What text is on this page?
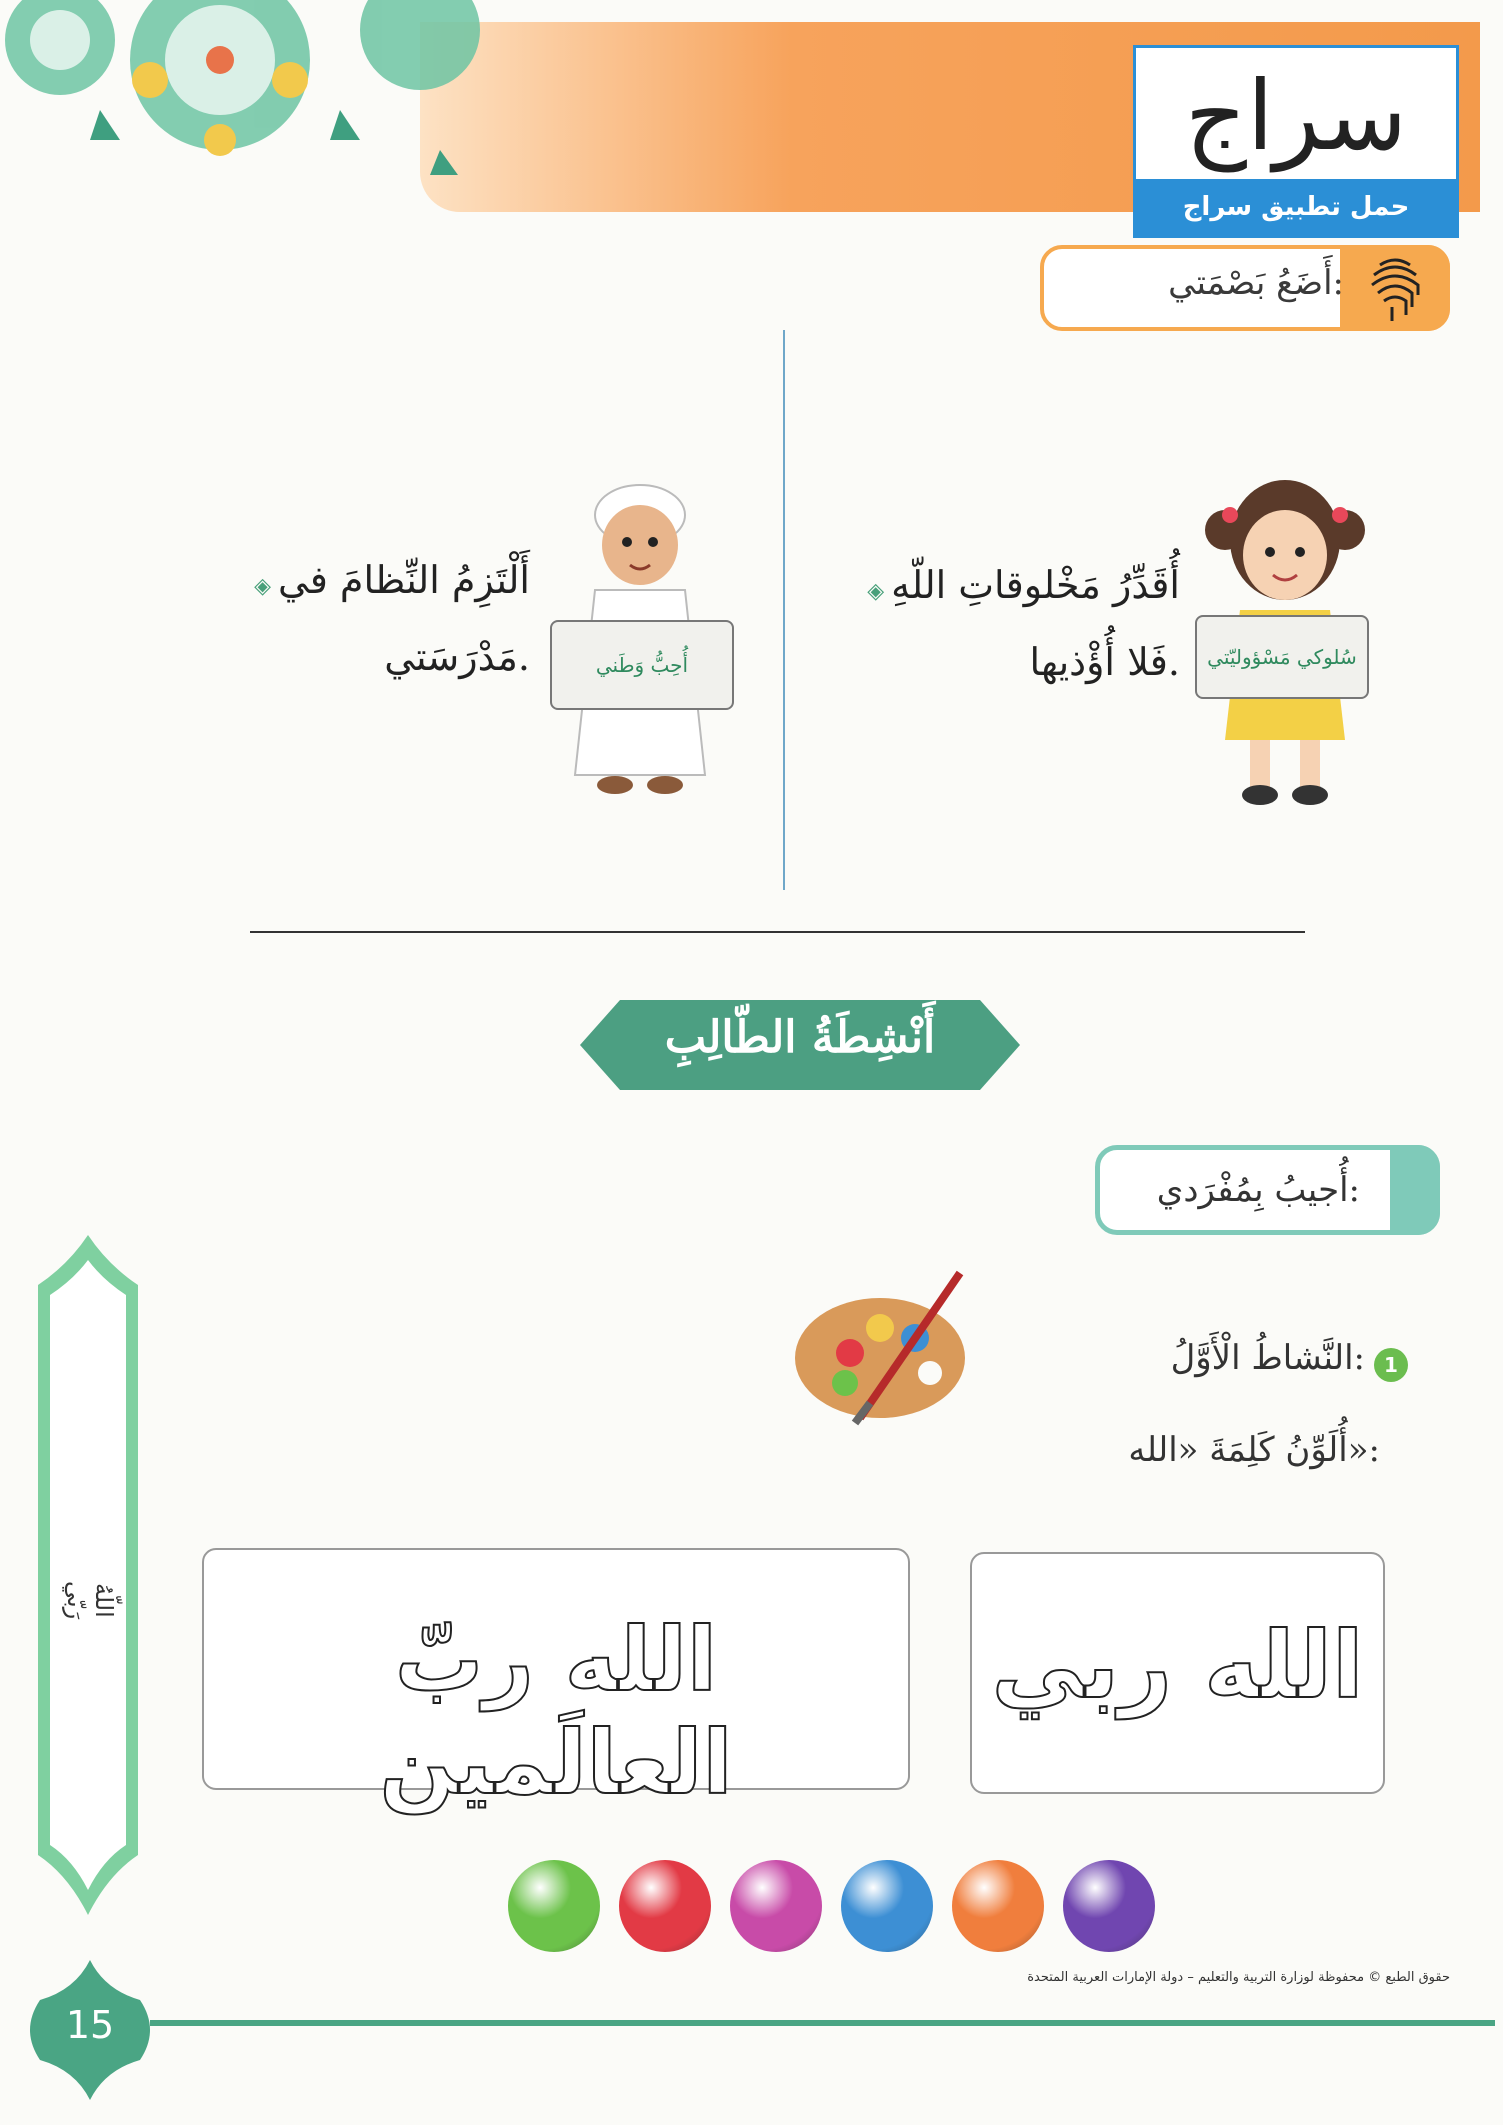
سراج
حمل تطبيق سراج
أَضَعُ بَصْمَتي:
سُلوكي مَسْؤوليّتي
◈ أُقَدِّرُ مَخْلوقاتِ اللّهِ فَلا أُؤْذيها.
أُحِبُّ وَطَني
◈ أَلْتَزِمُ النِّظامَ في مَدْرَسَتي.
أَنْشِطَةُ الطّالِبِ
أُجيبُ بِمُفْرَدي:
اللّهُ رَبّي
1
النَّشاطُ الْأَوَّلُ:
أُلَوِّنُ كَلِمَةَ «الله»:
الله ربي
الله ربّ العالَمين
حقوق الطبع © محفوظة لوزارة التربية والتعليم – دولة الإمارات العربية المتحدة
15
